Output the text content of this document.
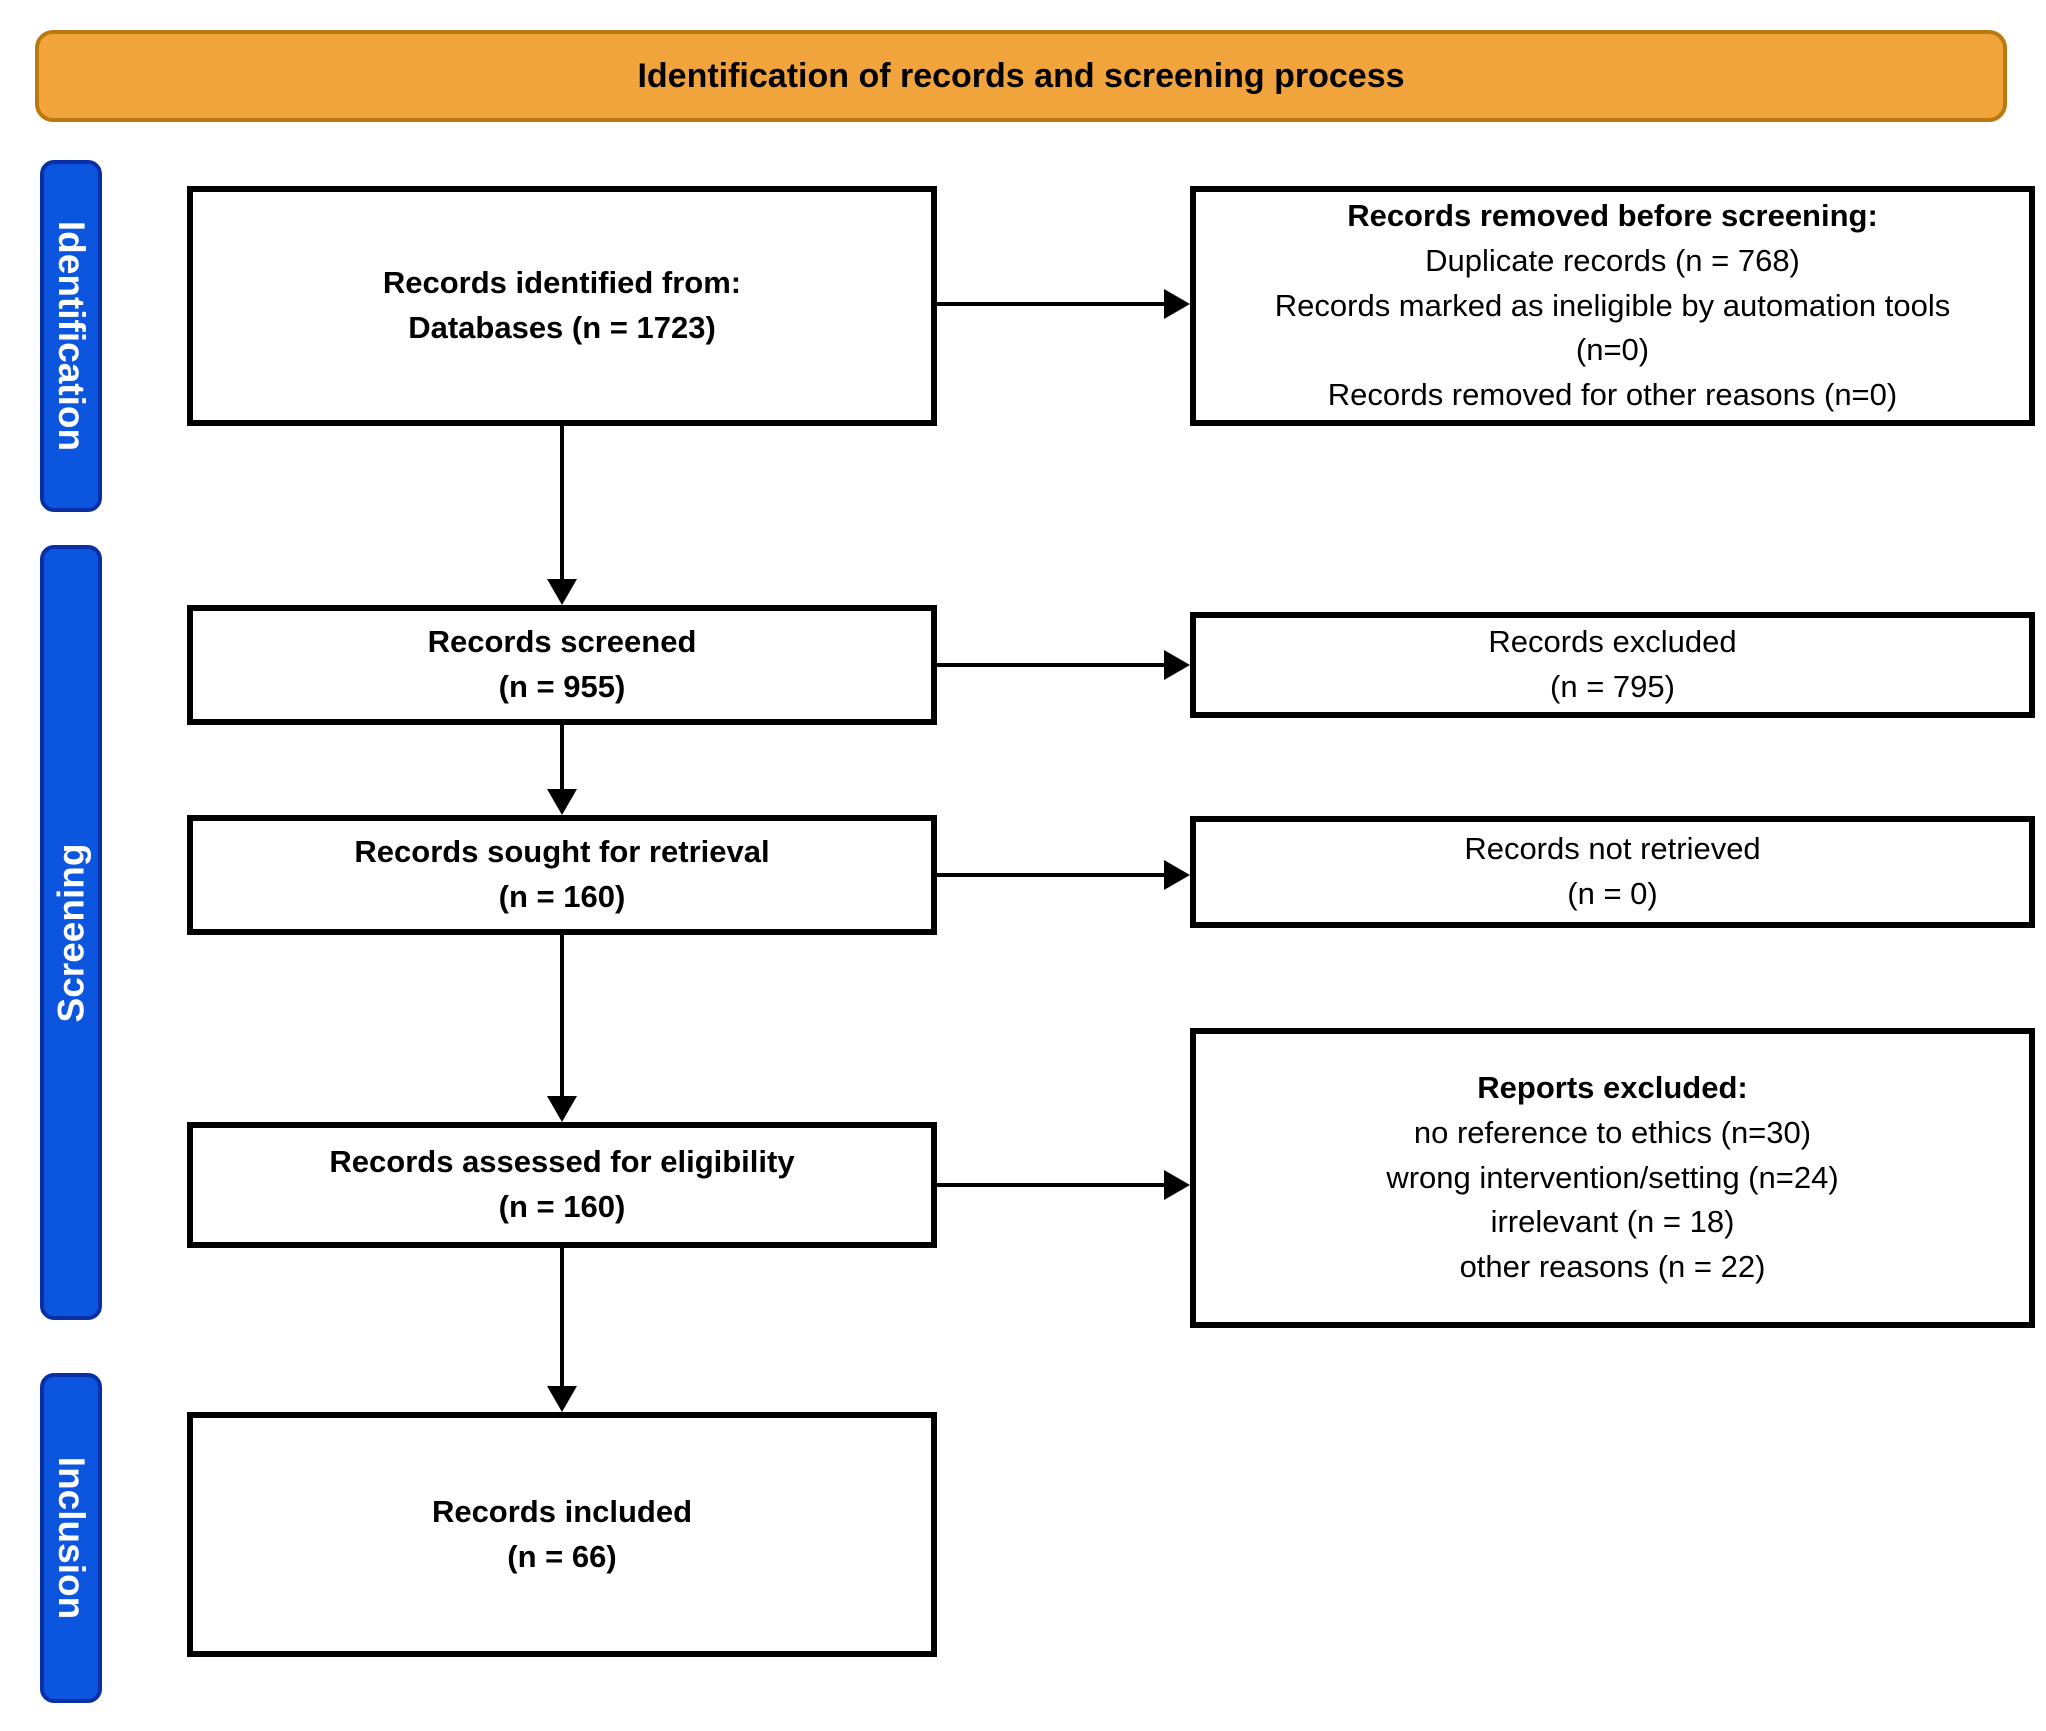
Identification of records and screening process
Identification
Screening
Inclusion
Records identified from:
Databases (n = 1723)
Records screened
(n = 955)
Records sought for retrieval
(n = 160)
Records assessed for eligibility
(n = 160)
Records included
(n = 66)
Records removed before screening:
Duplicate records (n = 768)
Records marked as ineligible by automation tools
(n=0)
Records removed for other reasons (n=0)
Records excluded
(n = 795)
Records not retrieved
(n = 0)
Reports excluded:
no reference to ethics (n=30)
wrong intervention/setting (n=24)
irrelevant (n = 18)
other reasons (n = 22)
